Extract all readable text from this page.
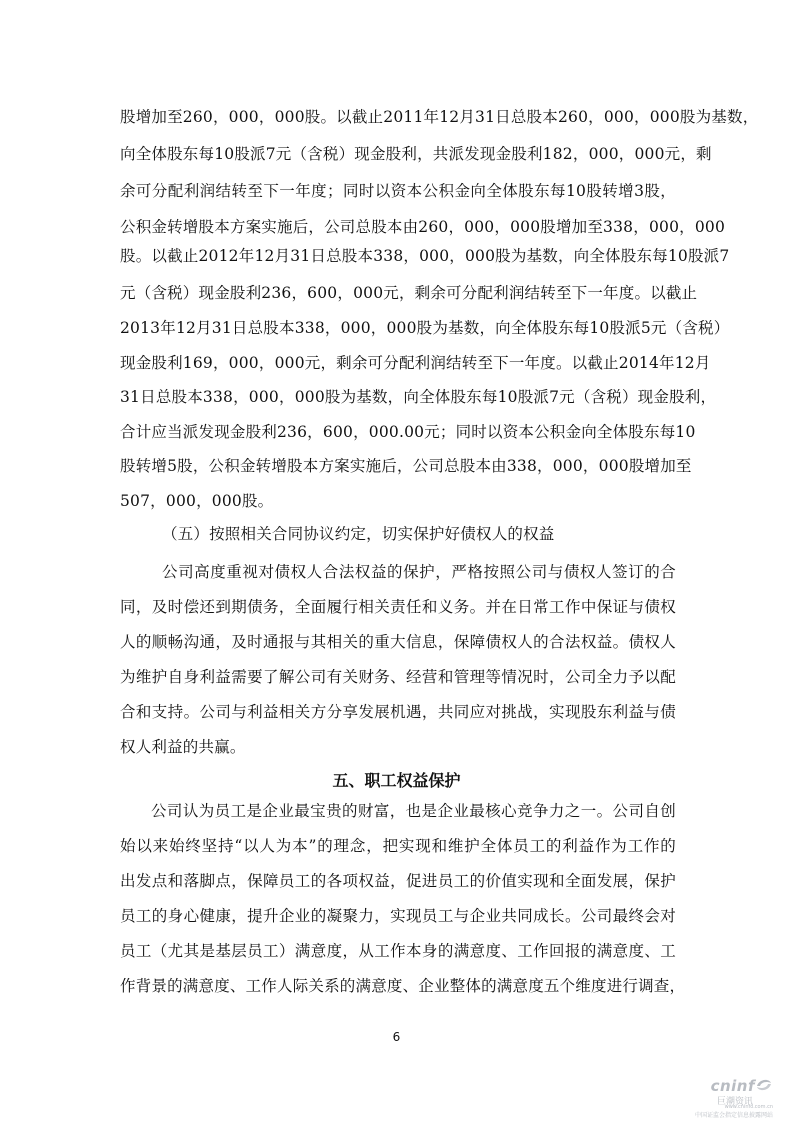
股增加至260，000，000股。以截止2011年12月31日总股本260，000，000股为基数，
向全体股东每10股派7元（含税）现金股利，共派发现金股利182，000，000元，剩
余可分配利润结转至下一年度；同时以资本公积金向全体股东每10股转增3股，
公积金转增股本方案实施后，公司总股本由260，000，000股增加至338，000，000
股。以截止2012年12月31日总股本338，000，000股为基数，向全体股东每10股派7
元（含税）现金股利236，600，000元，剩余可分配利润结转至下一年度。以截止
2013年12月31日总股本338，000，000股为基数，向全体股东每10股派5元（含税）
现金股利169，000，000元，剩余可分配利润结转至下一年度。以截止2014年12月
31日总股本338，000，000股为基数，向全体股东每10股派7元（含税）现金股利，
合计应当派发现金股利236，600，000.00元；同时以资本公积金向全体股东每10
股转增5股，公积金转增股本方案实施后，公司总股本由338，000，000股增加至
507，000，000股。
（五）按照相关合同协议约定，切实保护好债权人的权益
公司高度重视对债权人合法权益的保护，严格按照公司与债权人签订的合
同，及时偿还到期债务，全面履行相关责任和义务。并在日常工作中保证与债权
人的顺畅沟通，及时通报与其相关的重大信息，保障债权人的合法权益。债权人
为维护自身利益需要了解公司有关财务、经营和管理等情况时，公司全力予以配
合和支持。公司与利益相关方分享发展机遇，共同应对挑战，实现股东利益与债
权人利益的共赢。
五、职工权益保护
公司认为员工是企业最宝贵的财富，也是企业最核心竞争力之一。公司自创
始以来始终坚持“以人为本”的理念，把实现和维护全体员工的利益作为工作的
出发点和落脚点，保障员工的各项权益，促进员工的价值实现和全面发展，保护
员工的身心健康，提升企业的凝聚力，实现员工与企业共同成长。公司最终会对
员工（尤其是基层员工）满意度，从工作本身的满意度、工作回报的满意度、工
作背景的满意度、工作人际关系的满意度、企业整体的满意度五个维度进行调查，
6
cninf
巨潮资讯
www.cninfo.com.cn
中国证监会指定信息披露网站
